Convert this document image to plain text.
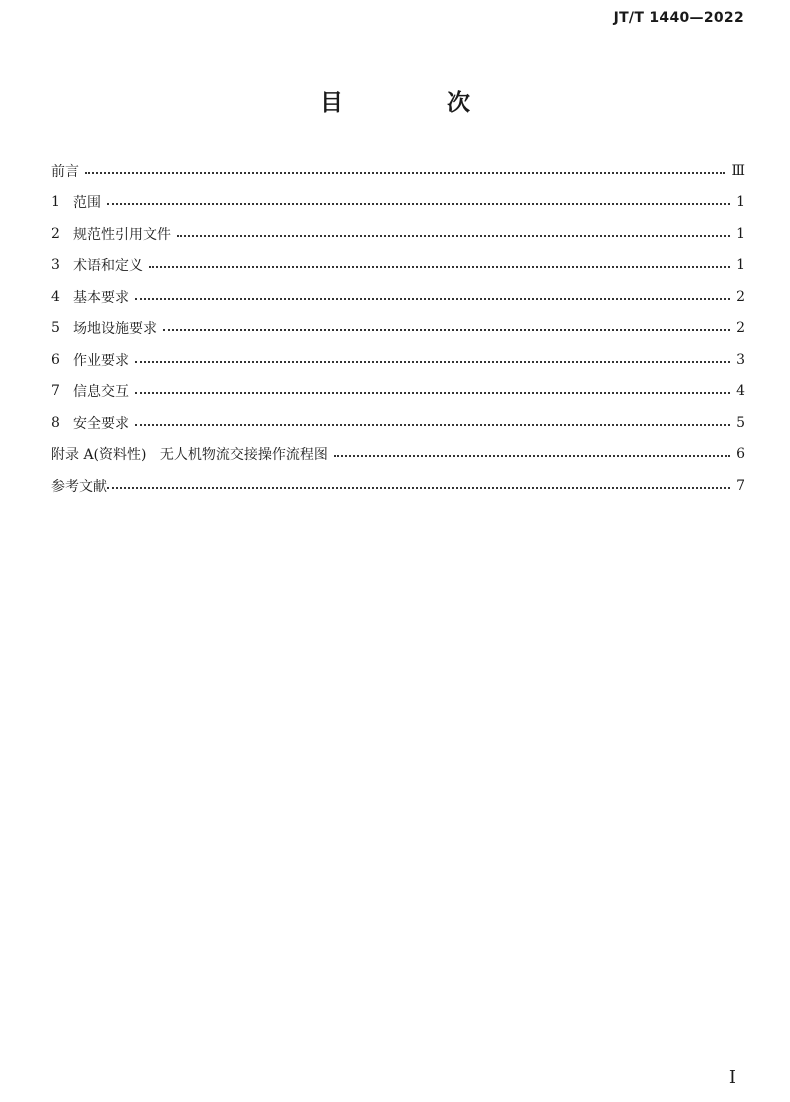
JT/T 1440—2022
目 次
前言	Ⅲ
1 范围	1
2 规范性引用文件	1
3 术语和定义	1
4 基本要求	2
5 场地设施要求	2
6 作业要求	3
7 信息交互	4
8 安全要求	5
附录 A(资料性)   无人机物流交接操作流程图	6
参考文献	7
I
